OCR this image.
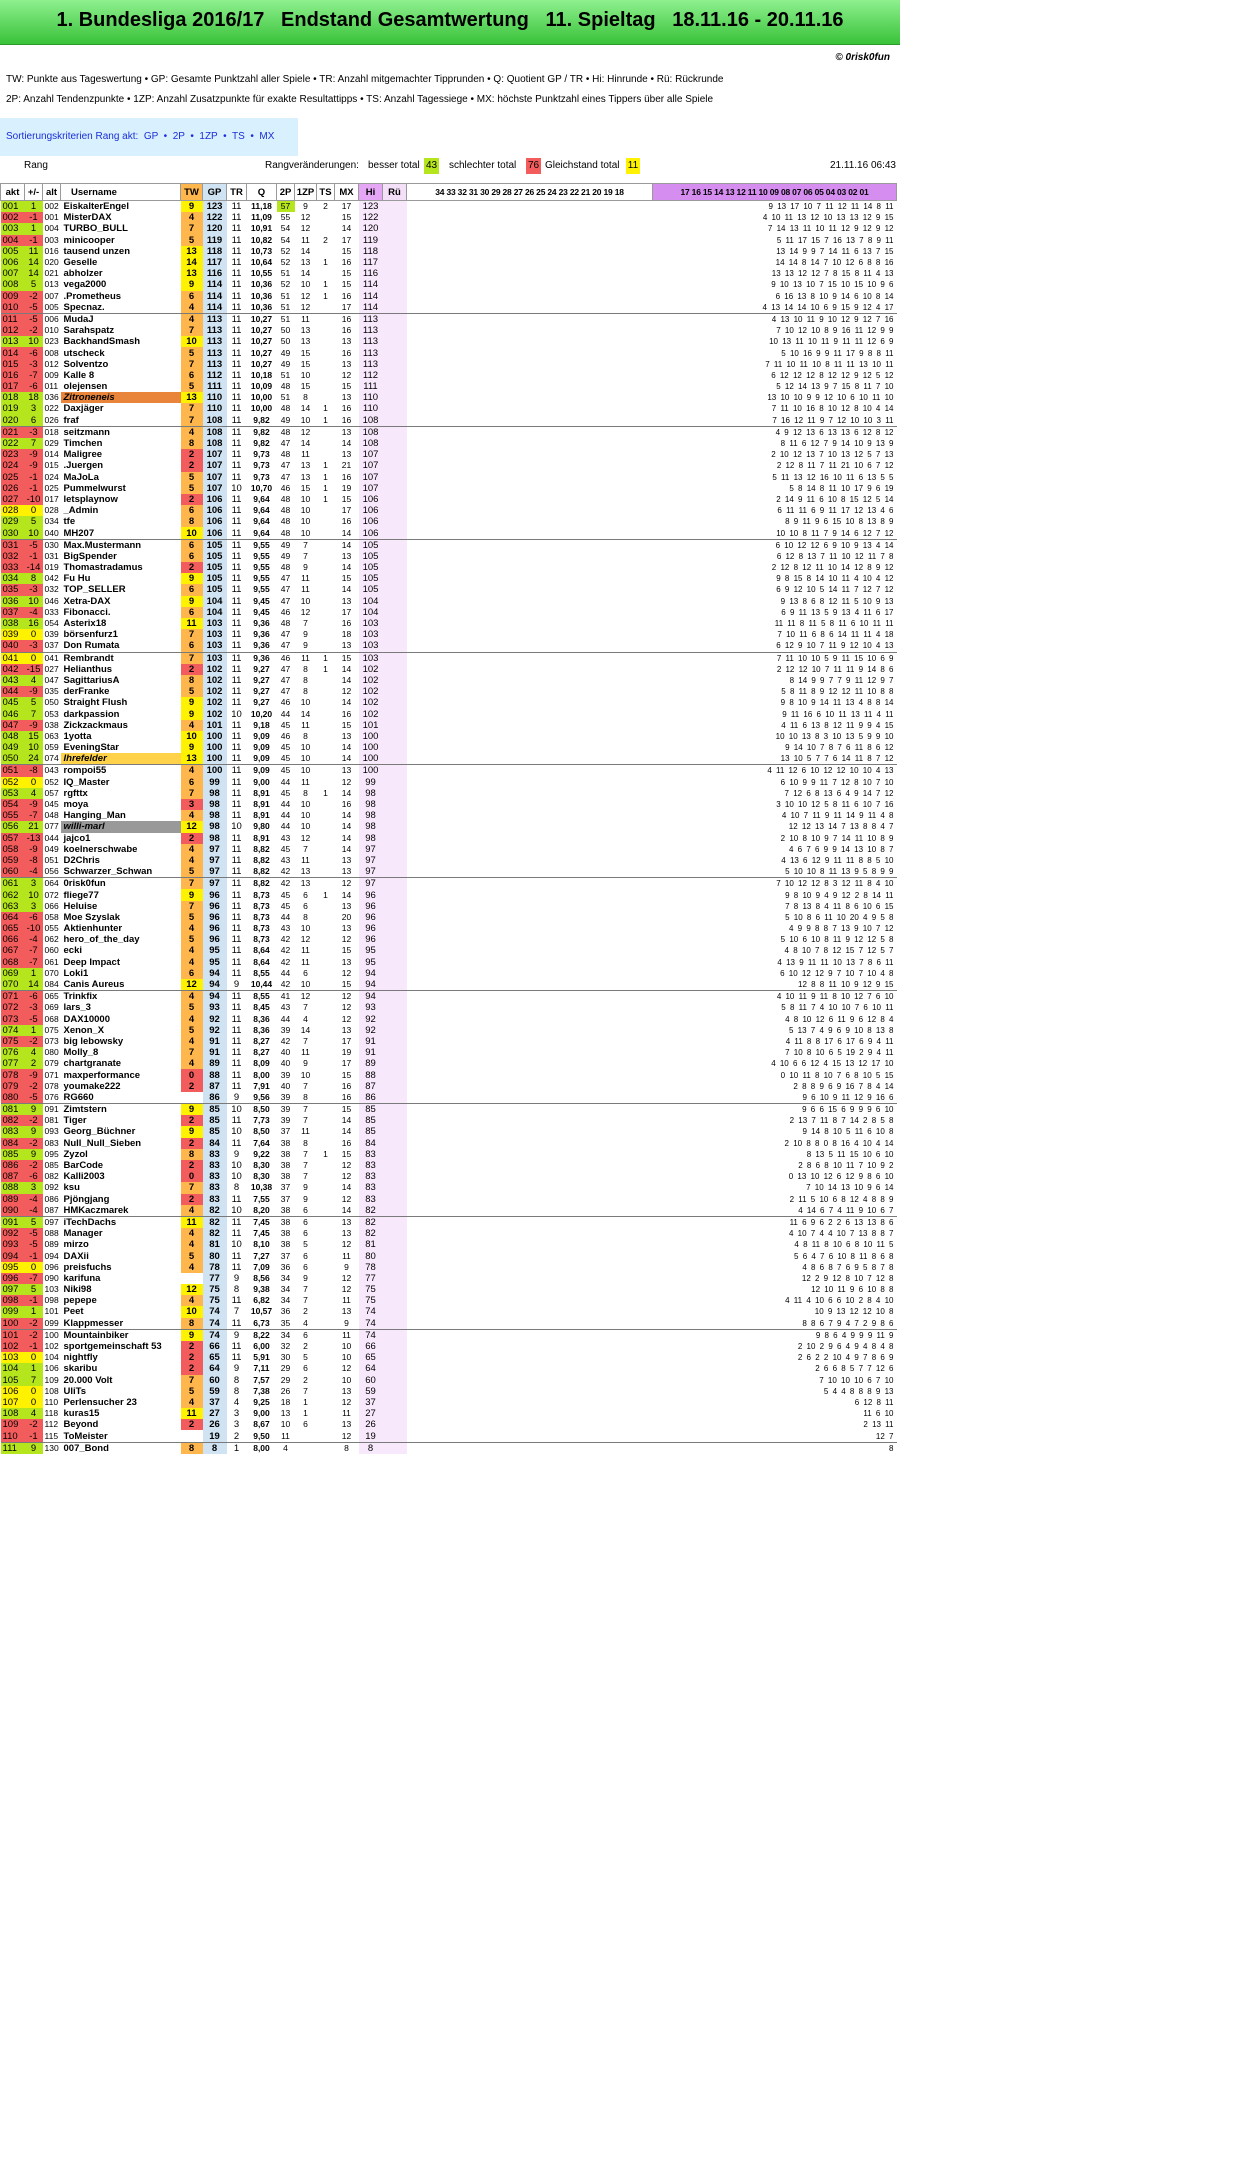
1. Bundesliga 2016/17   Endstand Gesamtwertung   11. Spieltag   18.11.16 - 20.11.16
© 0risk0fun
TW: Punkte aus Tageswertung • GP: Gesamte Punktzahl aller Spiele • TR: Anzahl mitgemachter Tipprunden • Q: Quotient GP / TR • Hi: Hinrunde • Rü: Rückrunde
2P: Anzahl Tendenzpunkte • 1ZP: Anzahl Zusatzpunkte für exakte Resultattipps • TS: Anzahl Tagessiege • MX: höchste Punktzahl eines Tippers über alle Spiele
Sortierungskriterien Rang akt:  GP  •  2P  •  1ZP  •  TS  •  MX
Rang	Rangveränderungen: besser total 43 schlechter total 76 Gleichstand total 11	21.11.16 06:43
akt	+/-	alt	Username	TW	GP	TR	Q	2P	1ZP	TS	MX	Hi	Rü	34 33 32 31 30 29 28 27 26 25 24 23 22 21 20 19 18	17 16 15 14 13 12 11 10 09 08 07 06 05 04 03 02 01
001	1	002	EiskalterEngel	9	123	11	11,18	57	9	2	17	123			9 13 17 10 7 11 12 11 14 8 11
002	-1	001	MisterDAX	4	122	11	11,09	55	12		15	122			4 10 11 13 12 10 13 13 12 9 15
003	1	004	TURBO_BULL	7	120	11	10,91	54	12		14	120			7 14 13 11 10 11 12 9 12 9 12
004	-1	003	minicooper	5	119	11	10,82	54	11	2	17	119			5 11 17 15 7 16 13 7 8 9 11
005	11	016	tausend unzen	13	118	11	10,73	52	14		15	118			13 14 9 9 7 14 11 6 13 7 15
006	14	020	Geselle	14	117	11	10,64	52	13	1	16	117			14 14 8 14 7 10 12 6 8 8 16
007	14	021	abholzer	13	116	11	10,55	51	14		15	116			13 13 12 12 7 8 15 8 11 4 13
008	5	013	vega2000	9	114	11	10,36	52	10	1	15	114			9 10 13 10 7 15 10 15 10 9 6
009	-2	007	.Prometheus	6	114	11	10,36	51	12	1	16	114			6 16 13 8 10 9 14 6 10 8 14
010	-5	005	Specnaz.	4	114	11	10,36	51	12		17	114			4 13 14 14 10 6 9 15 9 12 4 17
011	-5	006	MudaJ	4	113	11	10,27	51	11		16	113			4 13 10 11 9 10 12 9 12 7 16
012	-2	010	Sarahspatz	7	113	11	10,27	50	13		16	113			7 10 12 10 8 9 16 11 12 9 9
013	10	023	BackhandSmash	10	113	11	10,27	50	13		13	113			10 13 11 10 11 9 11 11 12 6 9
014	-6	008	utscheck	5	113	11	10,27	49	15		16	113			5 10 16 9 9 11 17 9 8 8 11
015	-3	012	Solventzo	7	113	11	10,27	49	15		13	113			7 11 10 11 10 8 11 11 13 10 11
016	-7	009	Kalle 8	6	112	11	10,18	51	10		12	112			6 12 12 12 8 12 12 9 12 5 12
017	-6	011	olejensen	5	111	11	10,09	48	15		15	111			5 12 14 13 9 7 15 8 11 7 10
018	18	036	Zitroneneis	13	110	11	10,00	51	8		13	110			13 10 10 9 9 12 10 6 10 11 10
019	3	022	Daxjäger	7	110	11	10,00	48	14	1	16	110			7 11 10 16 8 10 12 8 10 4 14
020	6	026	fraf	7	108	11	9,82	49	10	1	16	108			7 16 12 11 9 7 12 10 10 3 11
021	-3	018	seitzmann	4	108	11	9,82	48	12		13	108			4 9 12 13 6 13 13 6 12 8 12
022	7	029	Timchen	8	108	11	9,82	47	14		14	108			8 11 6 12 7 9 14 10 9 13 9
023	-9	014	Maligree	2	107	11	9,73	48	11		13	107			2 10 12 13 7 10 13 12 5 7 13
024	-9	015	.Juergen	2	107	11	9,73	47	13	1	21	107			2 12 8 11 7 11 21 10 6 7 12
025	-1	024	MaJoLa	5	107	11	9,73	47	13	1	16	107			5 11 13 12 16 10 11 6 13 5 5
026	-1	025	Pummelwurst	5	107	10	10,70	46	15	1	19	107			5 8 14 8 11 10 17 9 6 19
027	-10	017	letsplaynow	2	106	11	9,64	48	10	1	15	106			2 14 9 11 6 10 8 15 12 5 14
028	0	028	_Admin	6	106	11	9,64	48	10		17	106			6 11 11 6 9 11 17 12 13 4 6
029	5	034	tfe	8	106	11	9,64	48	10		16	106			8 9 11 9 6 15 10 8 13 8 9
030	10	040	MH207	10	106	11	9,64	48	10		14	106			10 10 8 11 7 9 14 6 12 7 12
031	-5	030	Max.Mustermann	6	105	11	9,55	49	7		14	105			6 10 12 12 6 9 10 9 13 4 14
032	-1	031	BigSpender	6	105	11	9,55	49	7		13	105			6 12 8 13 7 11 10 12 11 7 8
033	-14	019	Thomastradamus	2	105	11	9,55	48	9		14	105			2 12 8 12 11 10 14 12 8 9 12
034	8	042	Fu Hu	9	105	11	9,55	47	11		15	105			9 8 15 8 14 10 11 4 10 4 12
035	-3	032	TOP_SELLER	6	105	11	9,55	47	11		14	105			6 9 12 10 5 14 11 7 12 7 12
036	10	046	Xetra-DAX	9	104	11	9,45	47	10		13	104			9 13 8 6 8 12 11 5 10 9 13
037	-4	033	Fibonacci.	6	104	11	9,45	46	12		17	104			6 9 11 13 5 9 13 4 11 6 17
038	16	054	Asterix18	11	103	11	9,36	48	7		16	103			11 11 8 11 5 8 11 6 10 11 11
039	0	039	börsenfurz1	7	103	11	9,36	47	9		18	103			7 10 11 6 8 6 14 11 11 4 18
040	-3	037	Don Rumata	6	103	11	9,36	47	9		13	103			6 12 9 10 7 11 9 12 10 4 13
041	0	041	Rembrandt	7	103	11	9,36	46	11	1	15	103			7 11 10 10 5 9 11 15 10 6 9
042	-15	027	Helianthus	2	102	11	9,27	47	8	1	14	102			2 12 12 10 7 11 11 9 14 8 6
043	4	047	SagittariusA	8	102	11	9,27	47	8		14	102			8 14 9 9 7 7 9 11 12 9 7
044	-9	035	derFranke	5	102	11	9,27	47	8		12	102			5 8 11 8 9 12 12 11 10 8 8
045	5	050	Straight Flush	9	102	11	9,27	46	10		14	102			9 8 10 9 14 11 13 4 8 8 14
046	7	053	darkpassion	9	102	10	10,20	44	14		16	102			9 11 16 6 10 11 13 11 4 11
047	-9	038	Zickzackmaus	4	101	11	9,18	45	11		15	101			4 11 6 13 8 12 11 9 9 4 15
048	15	063	1yotta	10	100	11	9,09	46	8		13	100			10 10 13 8 3 10 13 5 9 9 10
049	10	059	EveningStar	9	100	11	9,09	45	10		14	100			9 14 10 7 8 7 6 11 8 6 12
050	24	074	Ihrefelder	13	100	11	9,09	45	10		14	100			13 10 5 7 7 6 14 11 8 7 12
051	-8	043	rompoi55	4	100	11	9,09	45	10		13	100			4 11 12 6 10 12 12 10 10 4 13
052	0	052	IQ_Master	6	99	11	9,00	44	11		12	99			6 10 9 9 11 7 12 8 10 7 10
053	4	057	rgfttx	7	98	11	8,91	45	8	1	14	98			7 12 6 8 13 6 4 9 14 7 12
054	-9	045	moya	3	98	11	8,91	44	10		16	98			3 10 10 12 5 8 11 6 10 7 16
055	-7	048	Hanging_Man	4	98	11	8,91	44	10		14	98			4 10 7 11 9 11 14 9 11 4 8
056	21	077	willi-marl	12	98	10	9,80	44	10		14	98			12 12 13 14 7 13 8 8 4 7
057	-13	044	jajco1	2	98	11	8,91	43	12		14	98			2 10 8 10 9 7 14 11 10 8 9
058	-9	049	koelnerschwabe	4	97	11	8,82	45	7		14	97			4 6 7 6 9 9 14 13 10 8 7
059	-8	051	D2Chris	4	97	11	8,82	43	11		13	97			4 13 6 12 9 11 11 8 8 5 10
060	-4	056	Schwarzer_Schwan	5	97	11	8,82	42	13		13	97			5 10 10 8 11 13 9 5 8 9 9
061	3	064	0risk0fun	7	97	11	8,82	42	13		12	97			7 10 12 12 8 3 12 11 8 4 10
062	10	072	fliege77	9	96	11	8,73	45	6	1	14	96			9 8 10 9 4 9 12 2 8 14 11
063	3	066	Heluise	7	96	11	8,73	45	6		13	96			7 8 13 8 4 11 8 6 10 6 15
064	-6	058	Moe Szyslak	5	96	11	8,73	44	8		20	96			5 10 8 6 11 10 20 4 9 5 8
065	-10	055	Aktienhunter	4	96	11	8,73	43	10		13	96			4 9 9 8 8 7 13 9 10 7 12
066	-4	062	hero_of_the_day	5	96	11	8,73	42	12		12	96			5 10 6 10 8 11 9 12 12 5 8
067	-7	060	ecki	4	95	11	8,64	42	11		15	95			4 8 10 7 8 12 15 7 12 5 7
068	-7	061	Deep Impact	4	95	11	8,64	42	11		13	95			4 13 9 11 11 10 13 7 8 6 11
069	1	070	Loki1	6	94	11	8,55	44	6		12	94			6 10 12 12 9 7 10 7 10 4 8
070	14	084	Canis Aureus	12	94	9	10,44	42	10		15	94			12 8 8 11 10 9 12 9 15
071	-6	065	Trinkfix	4	94	11	8,55	41	12		12	94			4 10 11 9 11 8 10 12 7 6 10
072	-3	069	lars_3	5	93	11	8,45	43	7		12	93			5 8 11 7 4 10 10 7 6 10 11
073	-5	068	DAX10000	4	92	11	8,36	44	4		12	92			4 8 10 12 6 11 9 6 12 8 4
074	1	075	Xenon_X	5	92	11	8,36	39	14		13	92			5 13 7 4 9 6 9 10 8 13 8
075	-2	073	big lebowsky	4	91	11	8,27	42	7		17	91			4 11 8 8 17 6 17 6 9 4 11
076	4	080	Molly_8	7	91	11	8,27	40	11		19	91			7 10 8 10 6 5 19 2 9 4 11
077	2	079	chartgranate	4	89	11	8,09	40	9		17	89			4 10 6 6 12 4 15 13 12 17 10
078	-9	071	maxperformance	0	88	11	8,00	39	10		15	88			0 10 11 8 10 7 6 8 10 5 15
079	-2	078	youmake222	2	87	11	7,91	40	7		16	87			2 8 8 9 6 9 16 7 8 4 14
080	-5	076	RG660		86	9	9,56	39	8		16	86			9 6 10 9 11 12 9 16 6
081	9	091	Zimtstern	9	85	10	8,50	39	7		15	85			9 6 6 15 6 9 9 9 6 10
082	-2	081	Tiger	2	85	11	7,73	39	7		14	85			2 13 7 11 8 7 14 2 8 5 8
083	9	093	Georg_Büchner	9	85	10	8,50	37	11		14	85			9 14 8 10 5 11 6 10 8
084	-2	083	Null_Null_Sieben	2	84	11	7,64	38	8		16	84			2 10 8 8 0 8 16 4 10 4 14
085	9	095	Zyzol	8	83	9	9,22	38	7	1	15	83			8 13 5 11 15 10 6 10
086	-2	085	BarCode	2	83	10	8,30	38	7		12	83			2 8 6 8 10 11 7 10 9 2
087	-6	082	Kalli2003	0	83	10	8,30	38	7		12	83			0 13 10 12 6 12 9 8 6 10
088	3	092	ksu	7	83	8	10,38	37	9		14	83			7 10 14 13 10 9 6 14
089	-4	086	Pjöngjang	2	83	11	7,55	37	9		12	83			2 11 5 10 6 8 12 4 8 8 9
090	-4	087	HMKaczmarek	4	82	10	8,20	38	6		14	82			4 14 6 7 4 11 9 10 6 7
091	5	097	iTechDachs	11	82	11	7,45	38	6		13	82			11 6 9 6 2 2 6 13 13 8 6
092	-5	088	Manager	4	82	11	7,45	38	6		13	82			4 10 7 4 4 10 7 13 8 8 7
093	-5	089	mirzo	4	81	10	8,10	38	5		12	81			4 8 11 8 10 6 8 10 11 5
094	-1	094	DAXii	5	80	11	7,27	37	6		11	80			5 6 4 7 6 10 8 11 8 6 8
095	0	096	preisfuchs	4	78	11	7,09	36	6		9	78			4 8 6 8 7 6 9 5 8 7 8
096	-7	090	karifuna		77	9	8,56	34	9		12	77			12 2 9 12 8 10 7 12 8
097	5	103	Niki98	12	75	8	9,38	34	7		12	75			12 10 11 9 6 10 8 8
098	-1	098	pepepe	4	75	11	6,82	34	7		11	75			4 11 4 10 6 6 10 2 8 4 10
099	1	101	Peet	10	74	7	10,57	36	2		13	74			10 9 13 12 12 10 8
100	-2	099	Klappmesser	8	74	11	6,73	35	4		9	74			8 8 6 7 9 4 7 2 9 8 6
101	-2	100	Mountainbiker	9	74	9	8,22	34	6		11	74			9 8 6 4 9 9 9 11 9
102	-1	102	sportgemeinschaft 53	2	66	11	6,00	32	2		10	66			2 10 2 9 6 4 9 4 8 4 8
103	0	104	nightfly	2	65	11	5,91	30	5		10	65			2 6 2 2 10 4 9 7 8 6 9
104	1	106	skaribu	2	64	9	7,11	29	6		12	64			2 6 6 8 5 7 7 12 6
105	7	109	20.000 Volt	7	60	8	7,57	29	2		10	60			7 10 10 10 6 7 10
106	0	108	UliTs	5	59	8	7,38	26	7		13	59			5 4 4 8 8 8 9 13
107	0	110	Perlensucher 23	4	37	4	9,25	18	1		12	37			6 12 8 11
108	4	118	kuras15	11	27	3	9,00	13	1		11	27			11 6 10
109	-2	112	Beyond	2	26	3	8,67	10	6		13	26			2 13 11
110	-1	115	ToMeister		19	2	9,50	11			12	19			12 7
111	9	130	007_Bond	8	8	1	8,00	4			8	8			8
